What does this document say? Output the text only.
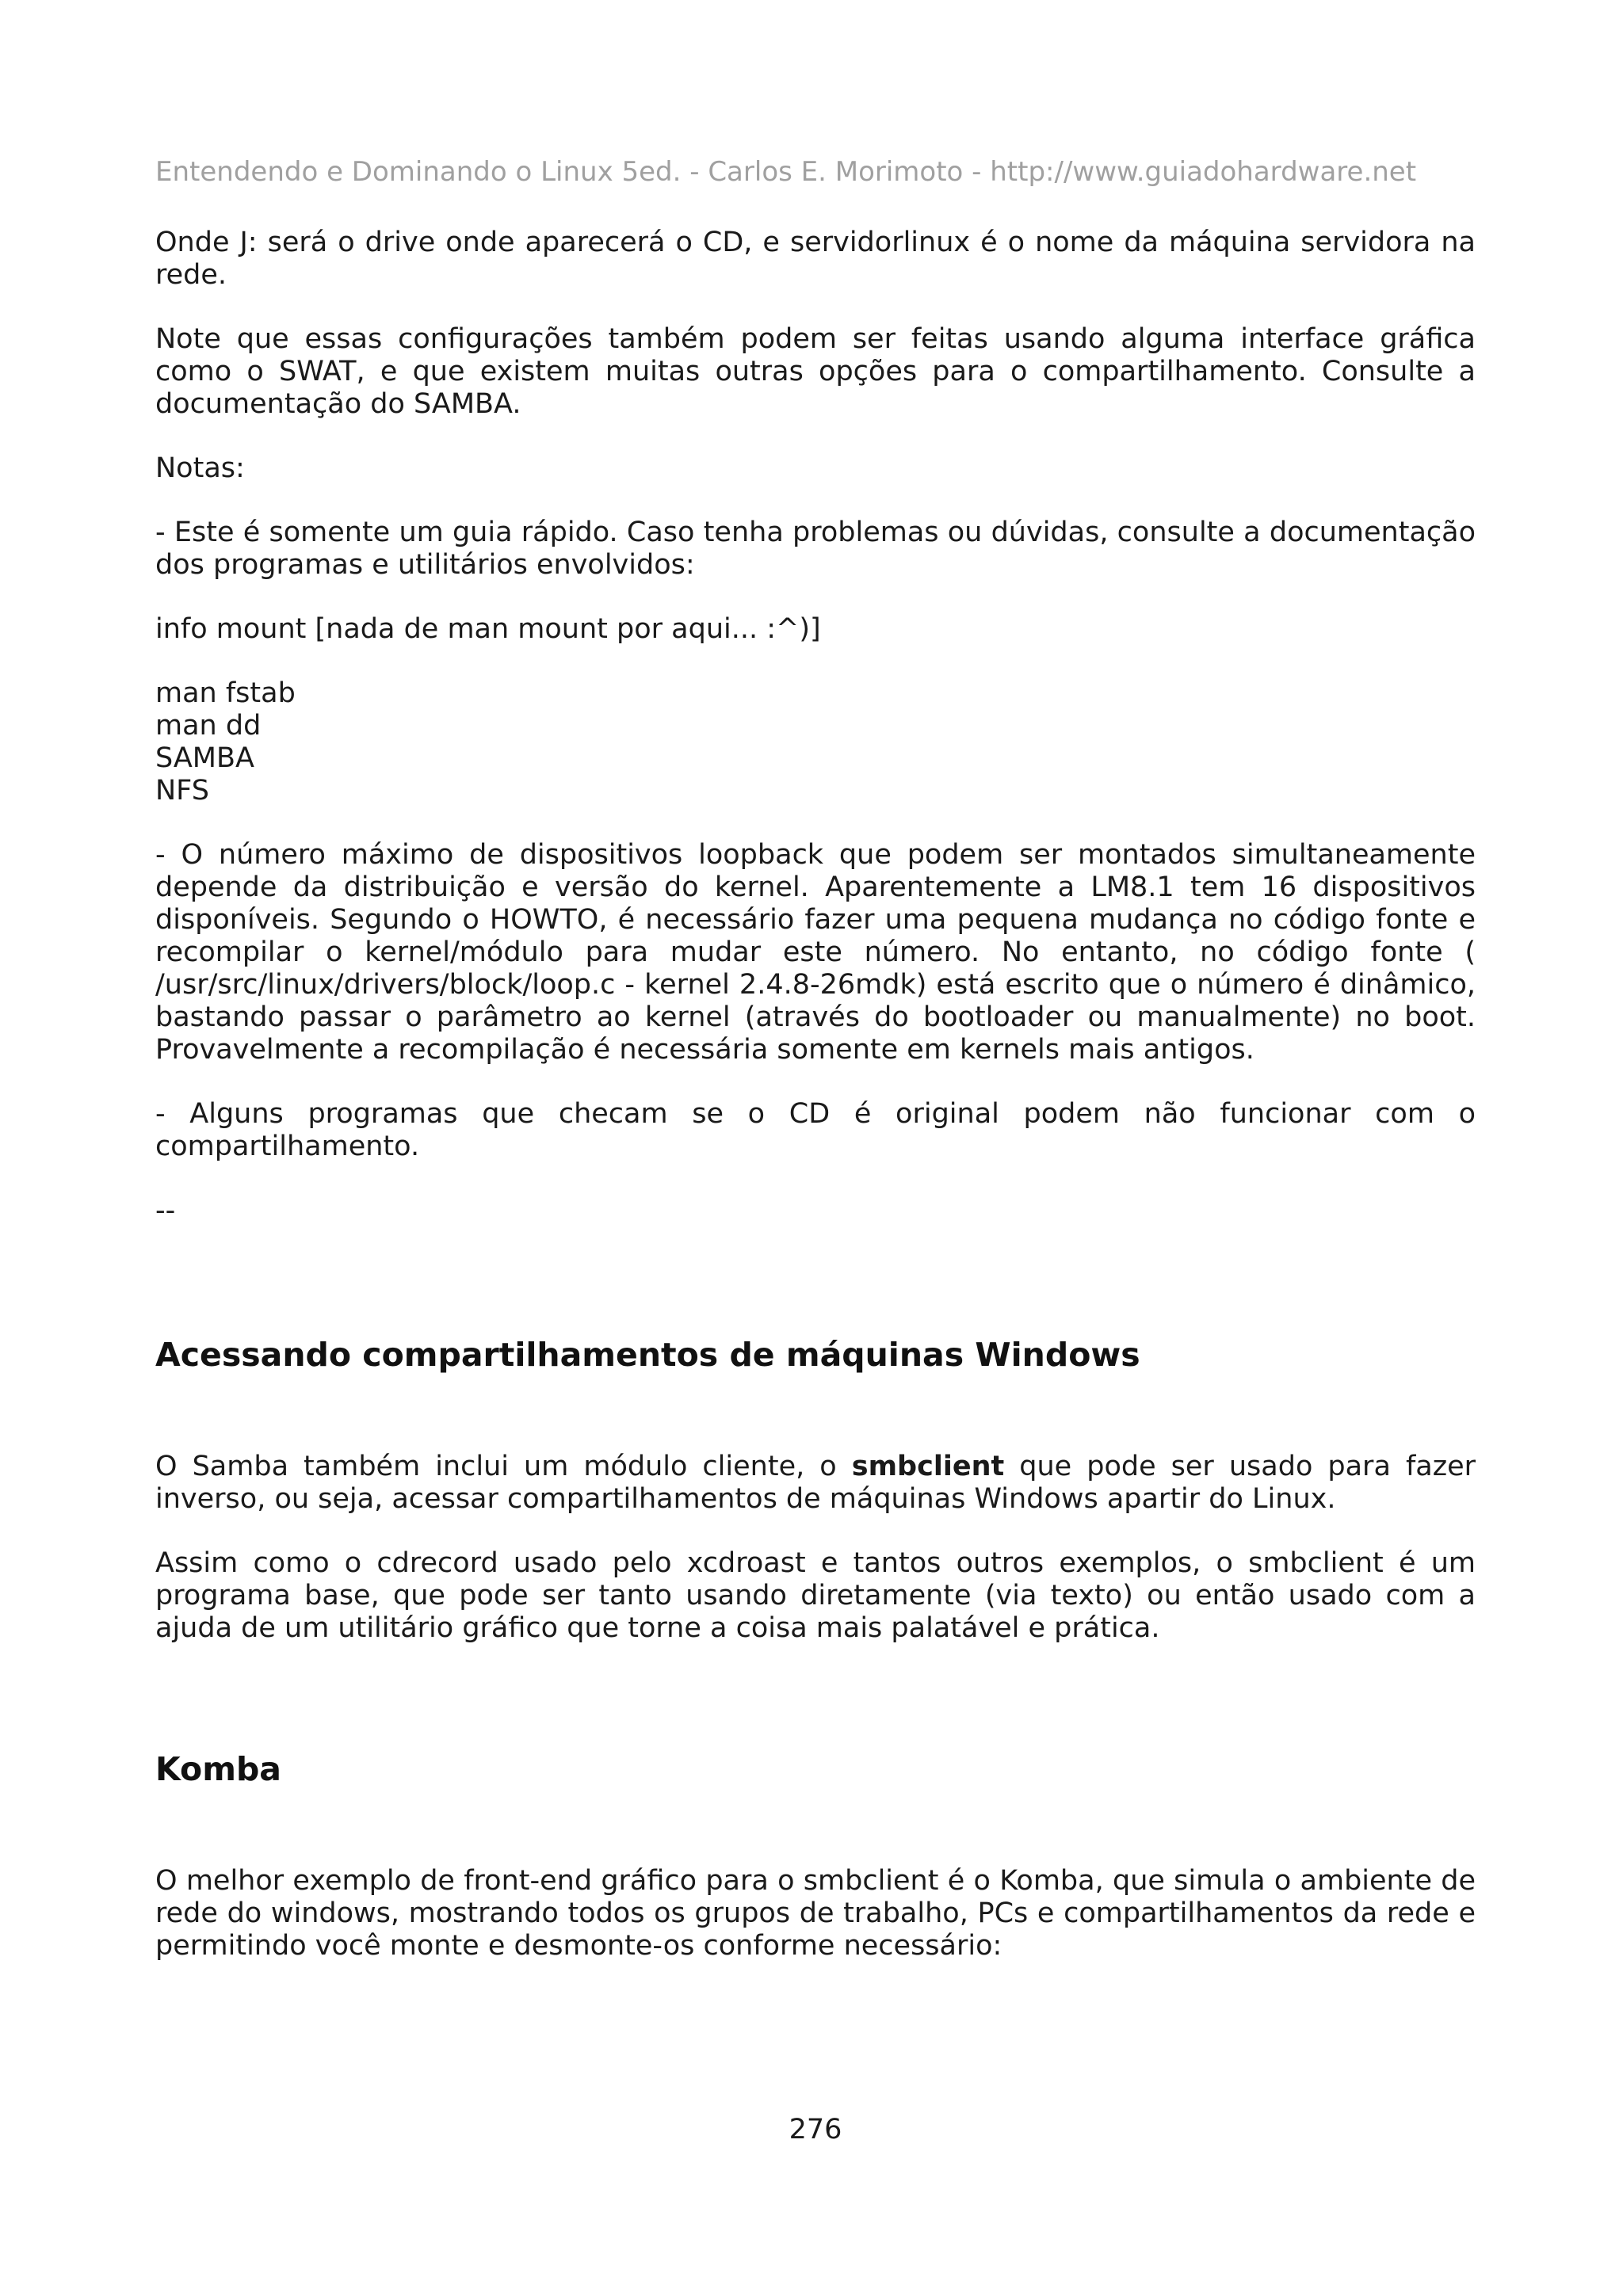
Entendendo e Dominando o Linux 5ed. - Carlos E. Morimoto - http://www.guiadohardware.net

Onde J: será o drive onde aparecerá o CD, e servidorlinux é o nome da máquina servidora na rede.

Note que essas configurações também podem ser feitas usando alguma interface gráfica como o SWAT, e que existem muitas outras opções para o compartilhamento. Consulte a documentação do SAMBA.

Notas:

- Este é somente um guia rápido. Caso tenha problemas ou dúvidas, consulte a documentação dos programas e utilitários envolvidos:

info mount [nada de man mount por aqui... :^)]

man fstab
man dd
SAMBA
NFS

- O número máximo de dispositivos loopback que podem ser montados simultaneamente depende da distribuição e versão do kernel. Aparentemente a LM8.1 tem 16 dispositivos disponíveis. Segundo o HOWTO, é necessário fazer uma pequena mudança no código fonte e recompilar o kernel/módulo para mudar este número. No entanto, no código fonte ( /usr/src/linux/drivers/block/loop.c - kernel 2.4.8-26mdk) está escrito que o número é dinâmico, bastando passar o parâmetro ao kernel (através do bootloader ou manualmente) no boot. Provavelmente a recompilação é necessária somente em kernels mais antigos.

- Alguns programas que checam se o CD é original podem não funcionar com o compartilhamento.

--
Acessando compartilhamentos de máquinas Windows

O Samba também inclui um módulo cliente, o smbclient que pode ser usado para fazer inverso, ou seja, acessar compartilhamentos de máquinas Windows apartir do Linux.

Assim como o cdrecord usado pelo xcdroast e tantos outros exemplos, o smbclient é um programa base, que pode ser tanto usando diretamente (via texto) ou então usado com a ajuda de um utilitário gráfico que torne a coisa mais palatável e prática.

Komba

O melhor exemplo de front-end gráfico para o smbclient é o Komba, que simula o ambiente de rede do windows, mostrando todos os grupos de trabalho, PCs e compartilhamentos da rede e permitindo você monte e desmonte-os conforme necessário:

276
